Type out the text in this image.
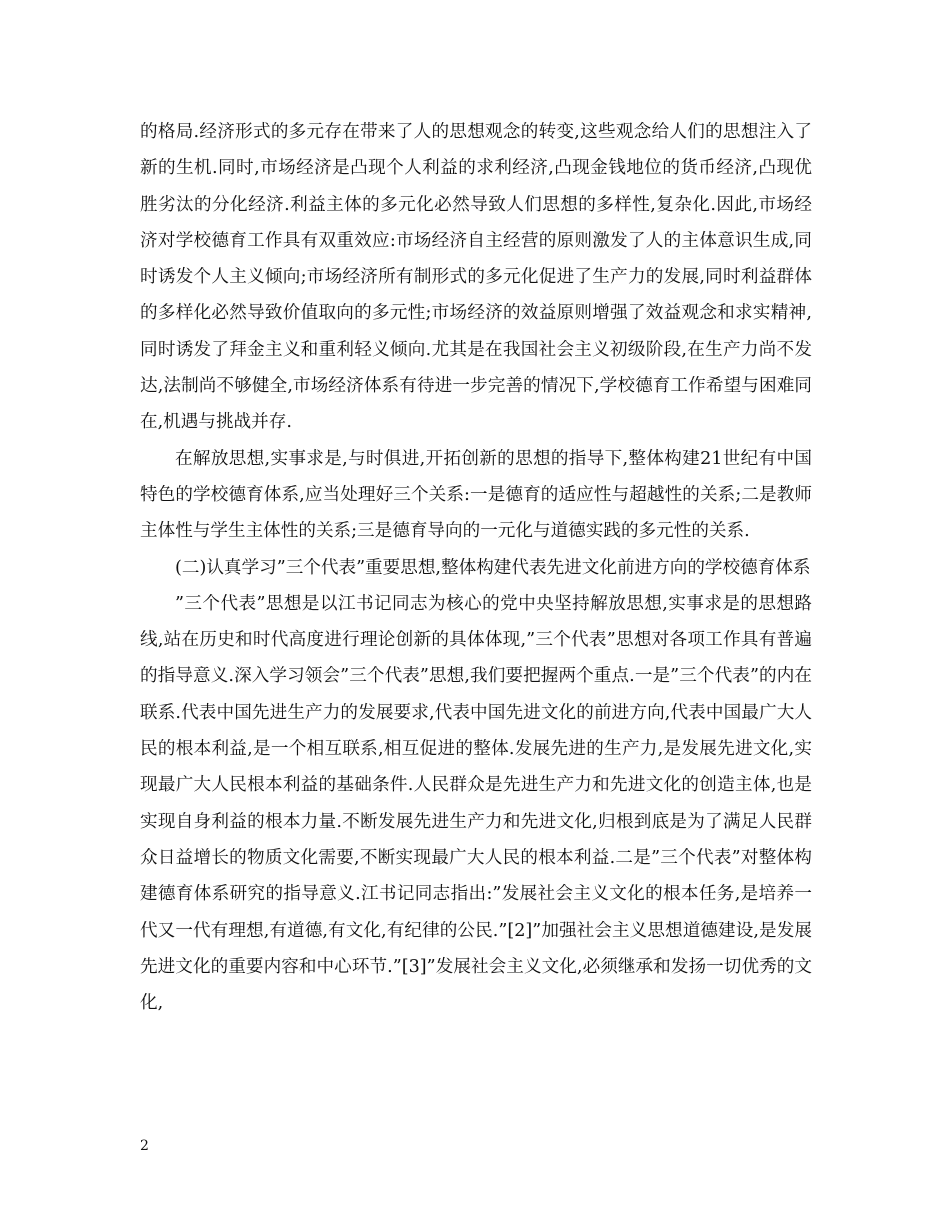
的格局.经济形式的多元存在带来了人的思想观念的转变,这些观念给人们的思想注入了新的生机.同时,市场经济是凸现个人利益的求利经济,凸现金钱地位的货币经济,凸现优胜劣汰的分化经济.利益主体的多元化必然导致人们思想的多样性,复杂化.因此,市场经济对学校德育工作具有双重效应:市场经济自主经营的原则激发了人的主体意识生成,同时诱发个人主义倾向;市场经济所有制形式的多元化促进了生产力的发展,同时利益群体的多样化必然导致价值取向的多元性;市场经济的效益原则增强了效益观念和求实精神,同时诱发了拜金主义和重利轻义倾向.尤其是在我国社会主义初级阶段,在生产力尚不发达,法制尚不够健全,市场经济体系有待进一步完善的情况下,学校德育工作希望与困难同在,机遇与挑战并存.

在解放思想,实事求是,与时俱进,开拓创新的思想的指导下,整体构建21世纪有中国特色的学校德育体系,应当处理好三个关系:一是德育的适应性与超越性的关系;二是教师主体性与学生主体性的关系;三是德育导向的一元化与道德实践的多元性的关系.

(二)认真学习”三个代表”重要思想,整体构建代表先进文化前进方向的学校德育体系

”三个代表”思想是以江书记同志为核心的党中央坚持解放思想,实事求是的思想路线,站在历史和时代高度进行理论创新的具体体现,”三个代表”思想对各项工作具有普遍的指导意义.深入学习领会”三个代表”思想,我们要把握两个重点.一是”三个代表”的内在联系.代表中国先进生产力的发展要求,代表中国先进文化的前进方向,代表中国最广大人民的根本利益,是一个相互联系,相互促进的整体.发展先进的生产力,是发展先进文化,实现最广大人民根本利益的基础条件.人民群众是先进生产力和先进文化的创造主体,也是实现自身利益的根本力量.不断发展先进生产力和先进文化,归根到底是为了满足人民群众日益增长的物质文化需要,不断实现最广大人民的根本利益.二是”三个代表”对整体构建德育体系研究的指导意义.江书记同志指出:”发展社会主义文化的根本任务,是培养一代又一代有理想,有道德,有文化,有纪律的公民.”[2]”加强社会主义思想道德建设,是发展先进文化的重要内容和中心环节.”[3]”发展社会主义文化,必须继承和发扬一切优秀的文化,

2
